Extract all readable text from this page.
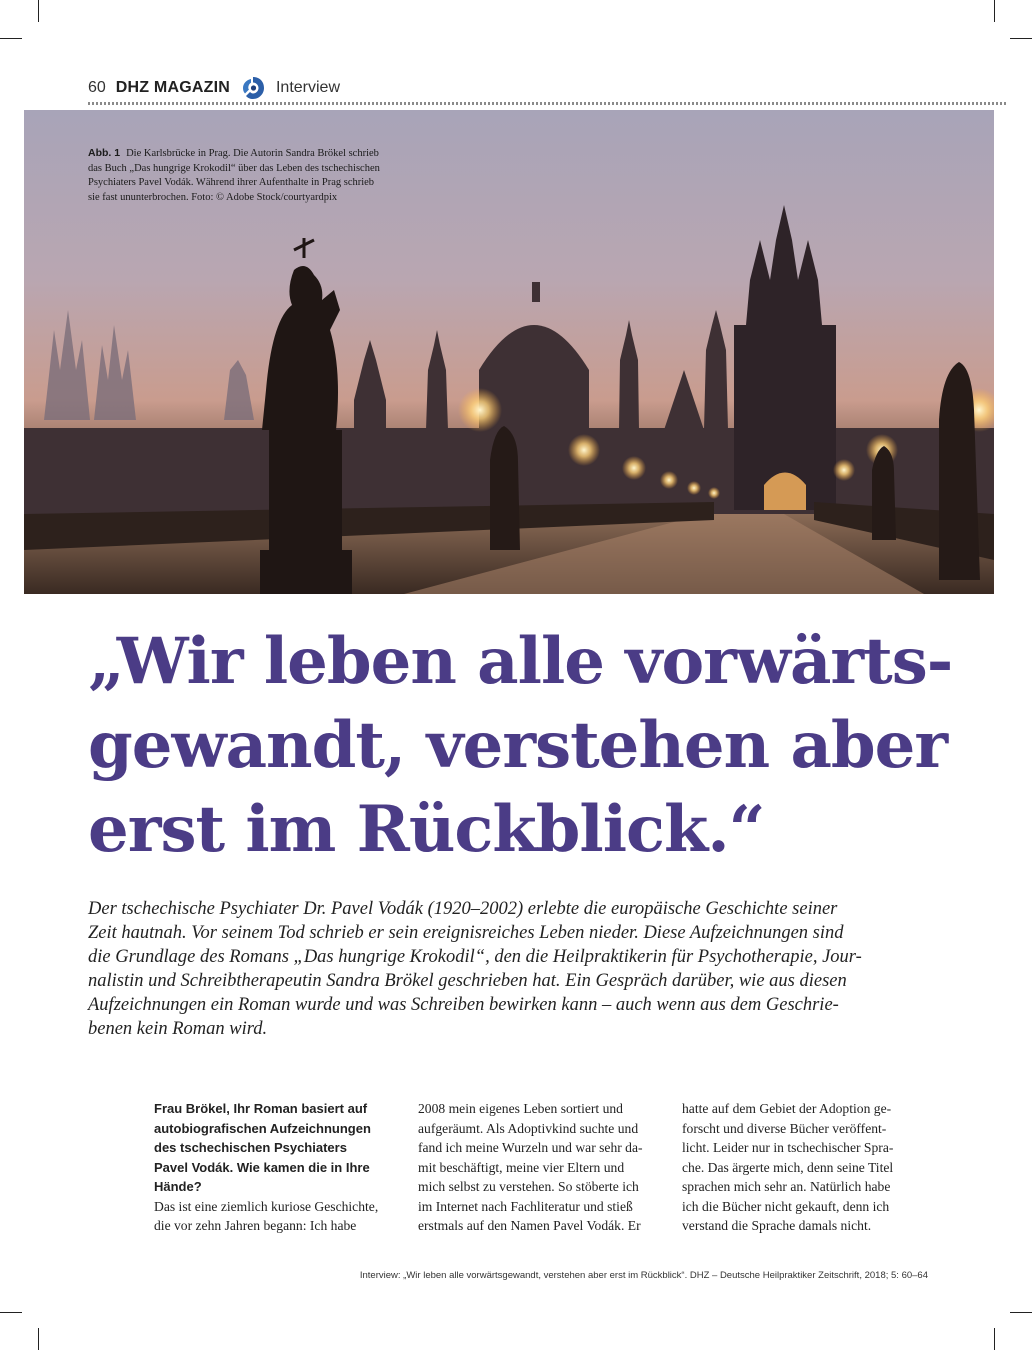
60 DHZ MAGAZIN	Interview
Abb. 1 Die Karlsbrücke in Prag. Die Autorin Sandra Brökel schrieb
das Buch „Das hungrige Krokodil“ über das Leben des tschechischen
Psychiaters Pavel Vodák. Während ihrer Aufenthalte in Prag schrieb
sie fast ununterbrochen. Foto: © Adobe Stock/courtyardpix
„Wir leben alle vorwärts-
gewandt, verstehen aber
erst im Rückblick.“
Der tschechische Psychiater Dr. Pavel Vodák (1920–2002) erlebte die europäische Geschichte seiner
Zeit hautnah. Vor seinem Tod schrieb er sein ereignisreiches Leben nieder. Diese Aufzeichnungen sind
die Grundlage des Romans „Das hungrige Krokodil“, den die Heilpraktikerin für Psychotherapie, Jour-
nalistin und Schreibtherapeutin Sandra Brökel geschrieben hat. Ein Gespräch darüber, wie aus diesen
Aufzeichnungen ein Roman wurde und was Schreiben bewirken kann – auch wenn aus dem Geschrie-
benen kein Roman wird.
Frau Brökel, Ihr Roman basiert auf
autobiografischen Aufzeichnungen
des tschechischen Psychiaters
Pavel Vodák. Wie kamen die in Ihre
Hände?
Das ist eine ziemlich kuriose Geschichte,
die vor zehn Jahren begann: Ich habe
2008 mein eigenes Leben sortiert und
aufgeräumt. Als Adoptivkind suchte und
fand ich meine Wurzeln und war sehr da-
mit beschäftigt, meine vier Eltern und
mich selbst zu verstehen. So stöberte ich
im Internet nach Fachliteratur und stieß
erstmals auf den Namen Pavel Vodák. Er
hatte auf dem Gebiet der Adoption ge-
forscht und diverse Bücher veröffent-
licht. Leider nur in tschechischer Spra-
che. Das ärgerte mich, denn seine Titel
sprachen mich sehr an. Natürlich habe
ich die Bücher nicht gekauft, denn ich
verstand die Sprache damals nicht.
Interview: „Wir leben alle vorwärtsgewandt, verstehen aber erst im Rückblick“. DHZ – Deutsche Heilpraktiker Zeitschrift, 2018; 5: 60–64
